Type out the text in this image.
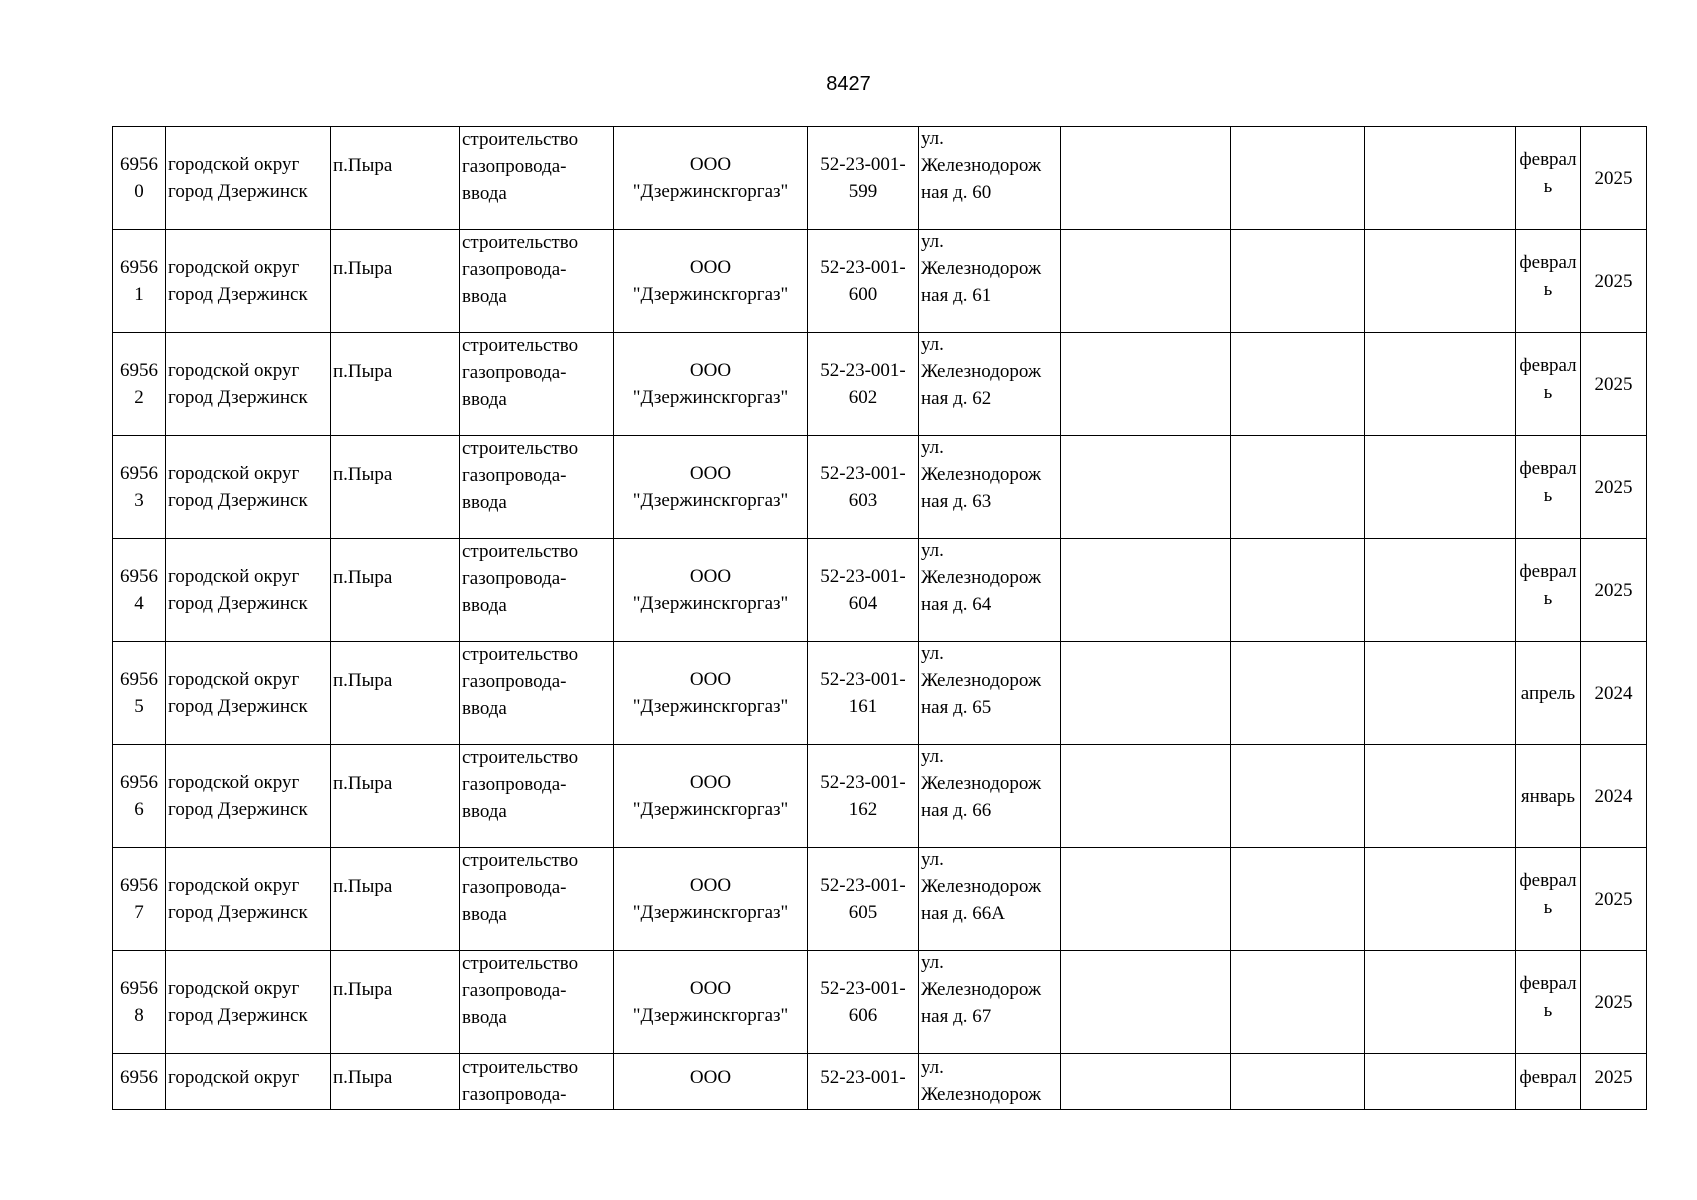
8427
6956
0	городской округ
город Дзержинск	п.Пыра	строительство
газопровода-
ввода	ООО
"Дзержинскгоргаз"	52-23-001-
599	ул.
Железнодорож
ная д. 60				феврал
ь	2025

6956
1	городской округ
город Дзержинск	п.Пыра	строительство
газопровода-
ввода	ООО
"Дзержинскгоргаз"	52-23-001-
600	ул.
Железнодорож
ная д. 61				феврал
ь	2025

6956
2	городской округ
город Дзержинск	п.Пыра	строительство
газопровода-
ввода	ООО
"Дзержинскгоргаз"	52-23-001-
602	ул.
Железнодорож
ная д. 62				феврал
ь	2025

6956
3	городской округ
город Дзержинск	п.Пыра	строительство
газопровода-
ввода	ООО
"Дзержинскгоргаз"	52-23-001-
603	ул.
Железнодорож
ная д. 63				феврал
ь	2025

6956
4	городской округ
город Дзержинск	п.Пыра	строительство
газопровода-
ввода	ООО
"Дзержинскгоргаз"	52-23-001-
604	ул.
Железнодорож
ная д. 64				феврал
ь	2025

6956
5	городской округ
город Дзержинск	п.Пыра	строительство
газопровода-
ввода	ООО
"Дзержинскгоргаз"	52-23-001-
161	ул.
Железнодорож
ная д. 65				апрель	2024

6956
6	городской округ
город Дзержинск	п.Пыра	строительство
газопровода-
ввода	ООО
"Дзержинскгоргаз"	52-23-001-
162	ул.
Железнодорож
ная д. 66				январь	2024

6956
7	городской округ
город Дзержинск	п.Пыра	строительство
газопровода-
ввода	ООО
"Дзержинскгоргаз"	52-23-001-
605	ул.
Железнодорож
ная д. 66А				феврал
ь	2025

6956
8	городской округ
город Дзержинск	п.Пыра	строительство
газопровода-
ввода	ООО
"Дзержинскгоргаз"	52-23-001-
606	ул.
Железнодорож
ная д. 67				феврал
ь	2025

6956	городской округ	п.Пыра	строительство
газопровода-	ООО	52-23-001-	ул.
Железнодорож				феврал	2025
